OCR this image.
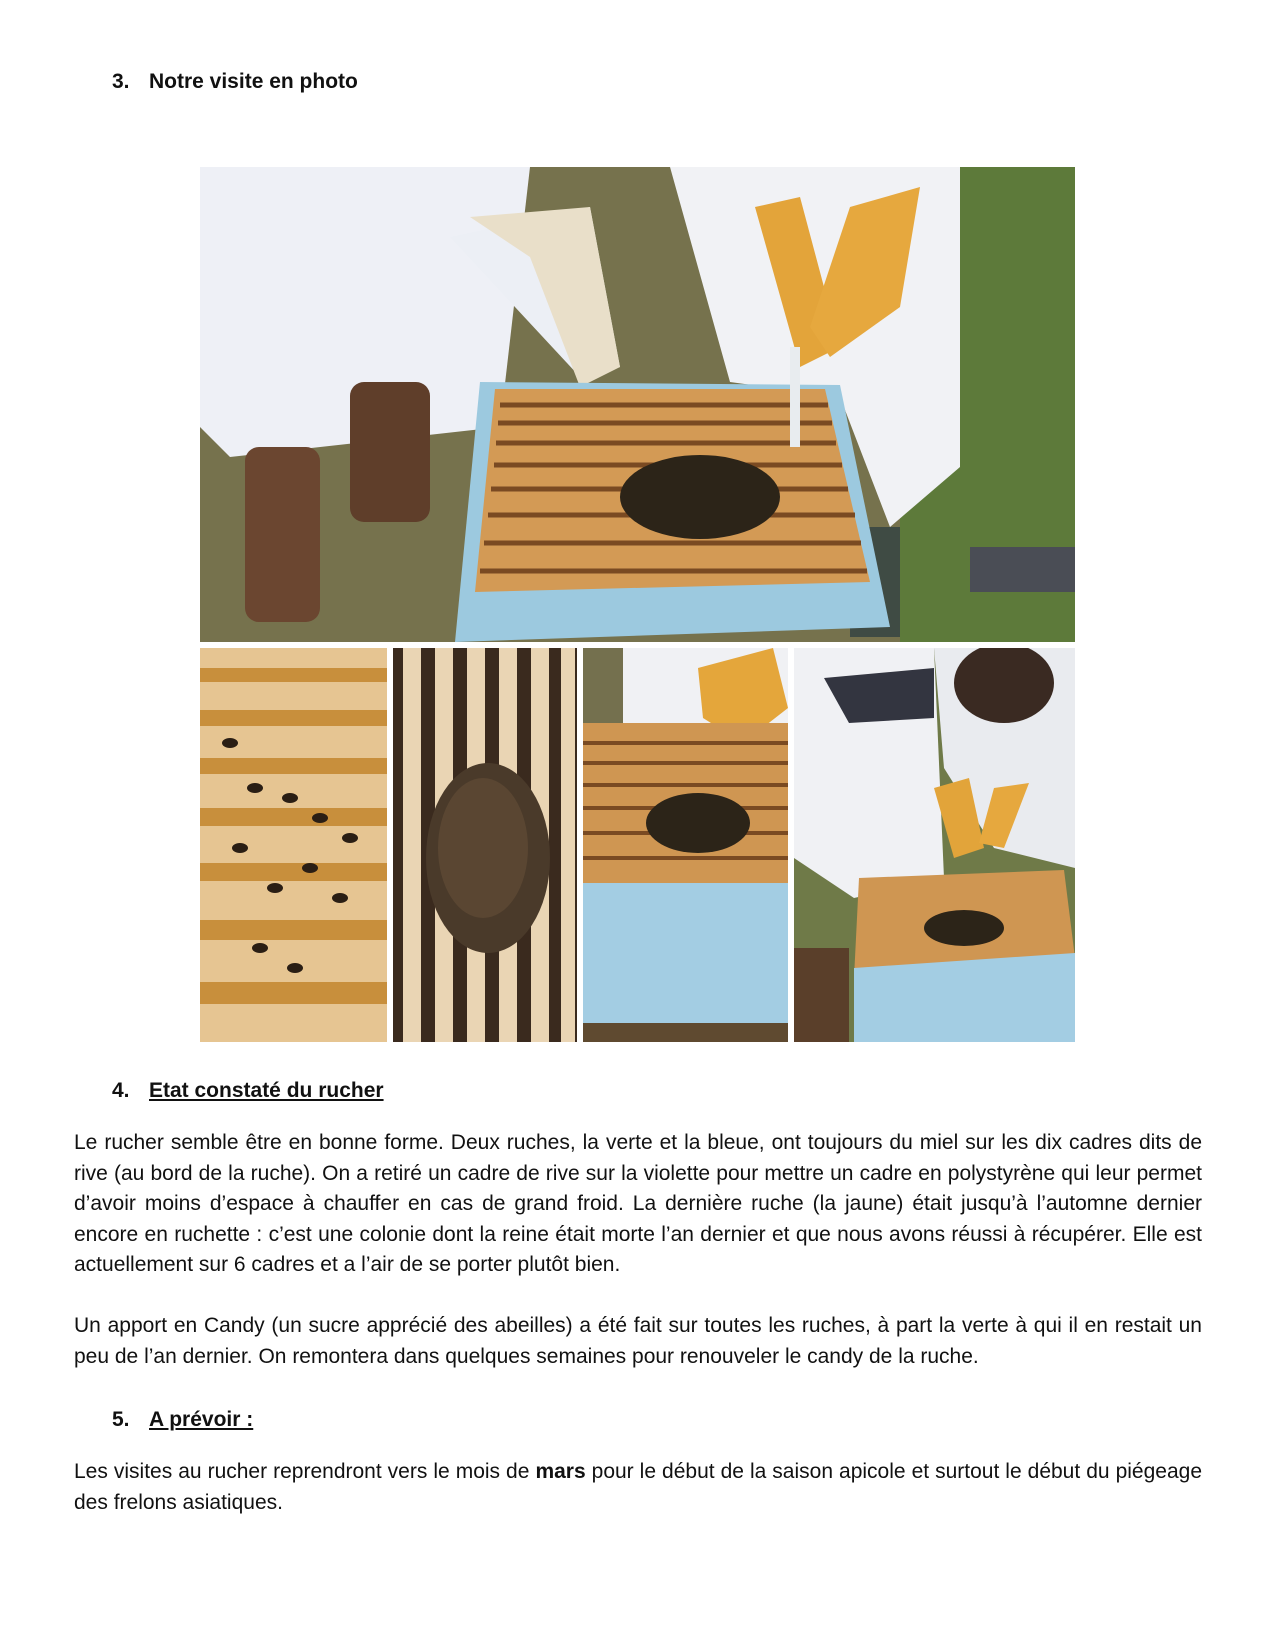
3. Notre visite en photo
4. Etat constaté du rucher

Le rucher semble être en bonne forme. Deux ruches, la verte et la bleue, ont toujours du miel sur les dix cadres dits de rive (au bord de la ruche). On a retiré un cadre de rive sur la violette pour mettre un cadre en polystyrène qui leur permet d’avoir moins d’espace à chauffer en cas de grand froid. La dernière ruche (la jaune) était jusqu’à l’automne dernier encore en ruchette : c’est une colonie dont la reine était morte l’an dernier et que nous avons réussi à récupérer. Elle est actuellement sur 6 cadres et a l’air de se porter plutôt bien.

Un apport en Candy (un sucre apprécié des abeilles) a été fait sur toutes les ruches, à part la verte à qui il en restait un peu de l’an dernier. On remontera dans quelques semaines pour renouveler le candy de la ruche.

5. A prévoir :

Les visites au rucher reprendront vers le mois de mars pour le début de la saison apicole et surtout le début du piégeage des frelons asiatiques.
